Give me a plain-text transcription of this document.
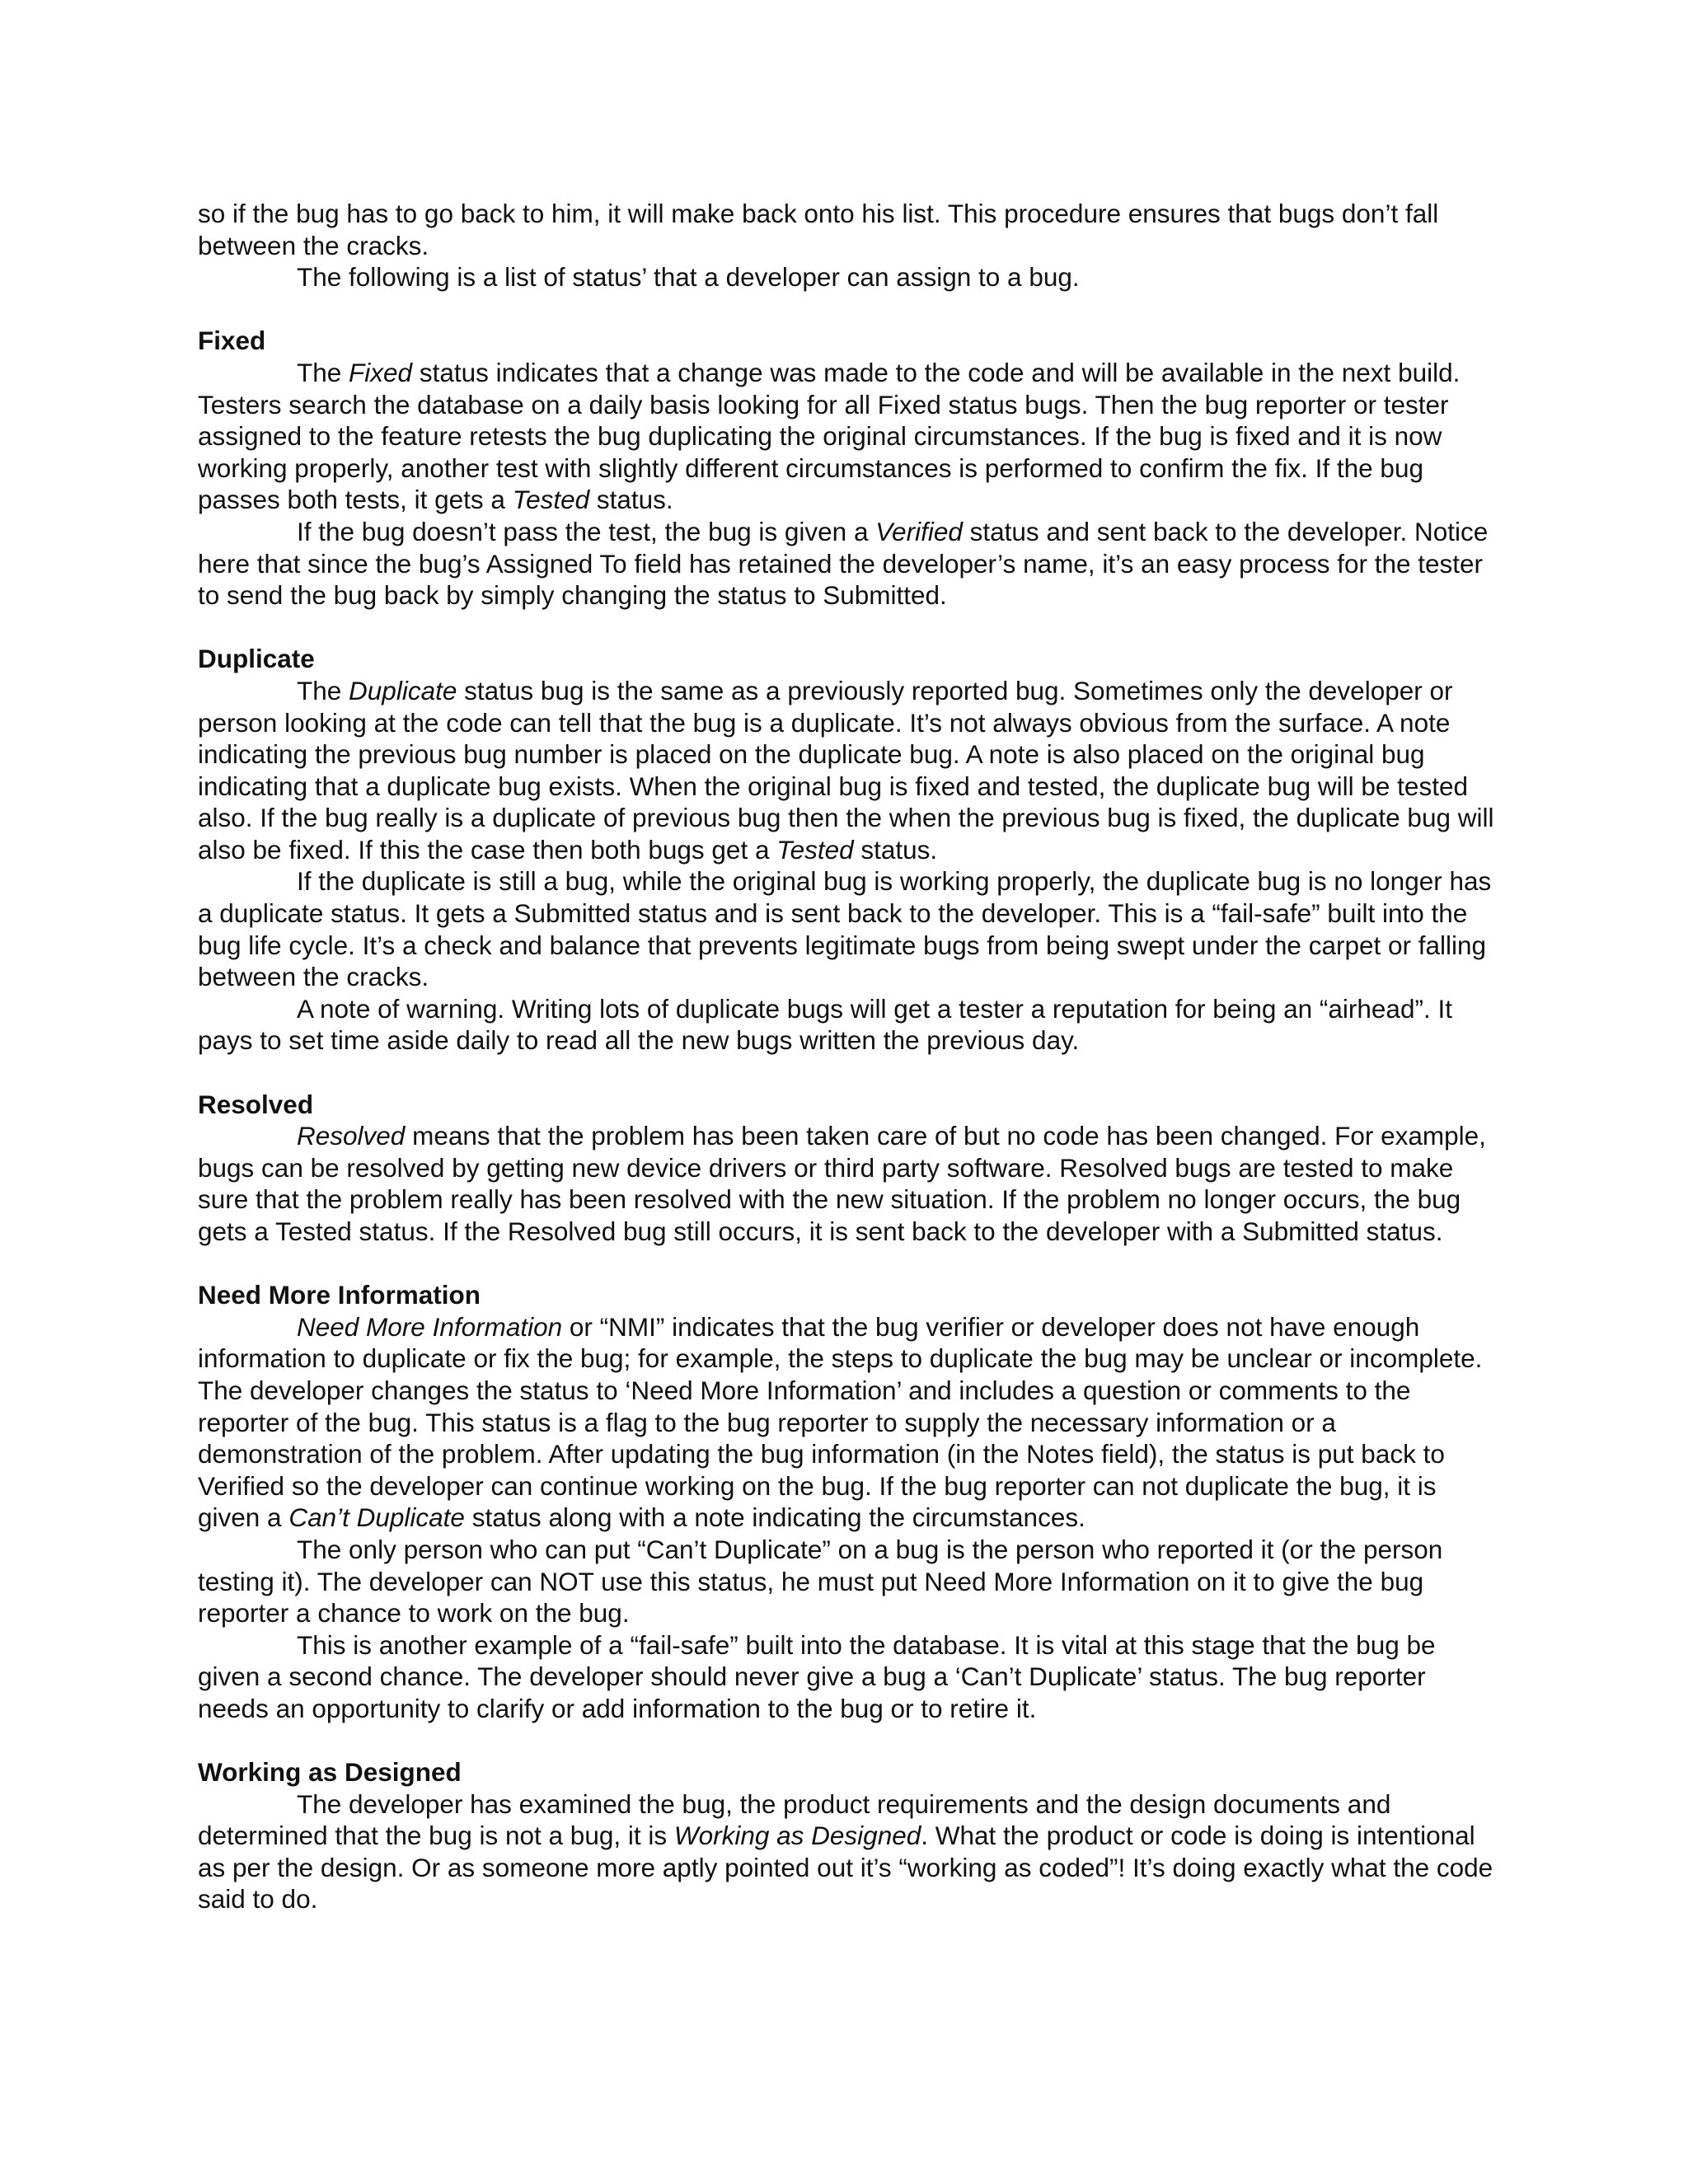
so if the bug has to go back to him, it will make back onto his list. This procedure ensures that bugs don’t fall between the cracks.

The following is a list of status’ that a developer can assign to a bug.

Fixed

The Fixed status indicates that a change was made to the code and will be available in the next build. Testers search the database on a daily basis looking for all Fixed status bugs. Then the bug reporter or tester assigned to the feature retests the bug duplicating the original circumstances. If the bug is fixed and it is now working properly, another test with slightly different circumstances is performed to confirm the fix. If the bug passes both tests, it gets a Tested status.

If the bug doesn’t pass the test, the bug is given a Verified status and sent back to the developer. Notice here that since the bug’s Assigned To field has retained the developer’s name, it’s an easy process for the tester to send the bug back by simply changing the status to Submitted.

Duplicate

The Duplicate status bug is the same as a previously reported bug. Sometimes only the developer or person looking at the code can tell that the bug is a duplicate. It’s not always obvious from the surface. A note indicating the previous bug number is placed on the duplicate bug. A note is also placed on the original bug indicating that a duplicate bug exists. When the original bug is fixed and tested, the duplicate bug will be tested also. If the bug really is a duplicate of previous bug then the when the previous bug is fixed, the duplicate bug will also be fixed. If this the case then both bugs get a Tested status.

If the duplicate is still a bug, while the original bug is working properly, the duplicate bug is no longer has a duplicate status. It gets a Submitted status and is sent back to the developer. This is a “fail-safe” built into the bug life cycle. It’s a check and balance that prevents legitimate bugs from being swept under the carpet or falling between the cracks.

A note of warning. Writing lots of duplicate bugs will get a tester a reputation for being an “airhead”. It pays to set time aside daily to read all the new bugs written the previous day.

Resolved

Resolved means that the problem has been taken care of but no code has been changed. For example, bugs can be resolved by getting new device drivers or third party software. Resolved bugs are tested to make sure that the problem really has been resolved with the new situation. If the problem no longer occurs, the bug gets a Tested status. If the Resolved bug still occurs, it is sent back to the developer with a Submitted status.

Need More Information

Need More Information or “NMI” indicates that the bug verifier or developer does not have enough information to duplicate or fix the bug; for example, the steps to duplicate the bug may be unclear or incomplete. The developer changes the status to ‘Need More Information’ and includes a question or comments to the reporter of the bug. This status is a flag to the bug reporter to supply the necessary information or a demonstration of the problem. After updating the bug information (in the Notes field), the status is put back to Verified so the developer can continue working on the bug. If the bug reporter can not duplicate the bug, it is given a Can’t Duplicate status along with a note indicating the circumstances.

The only person who can put “Can’t Duplicate” on a bug is the person who reported it (or the person testing it). The developer can NOT use this status, he must put Need More Information on it to give the bug reporter a chance to work on the bug.

This is another example of a “fail-safe” built into the database. It is vital at this stage that the bug be given a second chance. The developer should never give a bug a ‘Can’t Duplicate’ status. The bug reporter needs an opportunity to clarify or add information to the bug or to retire it.

Working as Designed

The developer has examined the bug, the product requirements and the design documents and determined that the bug is not a bug, it is Working as Designed. What the product or code is doing is intentional as per the design. Or as someone more aptly pointed out it’s “working as coded”! It’s doing exactly what the code said to do.
